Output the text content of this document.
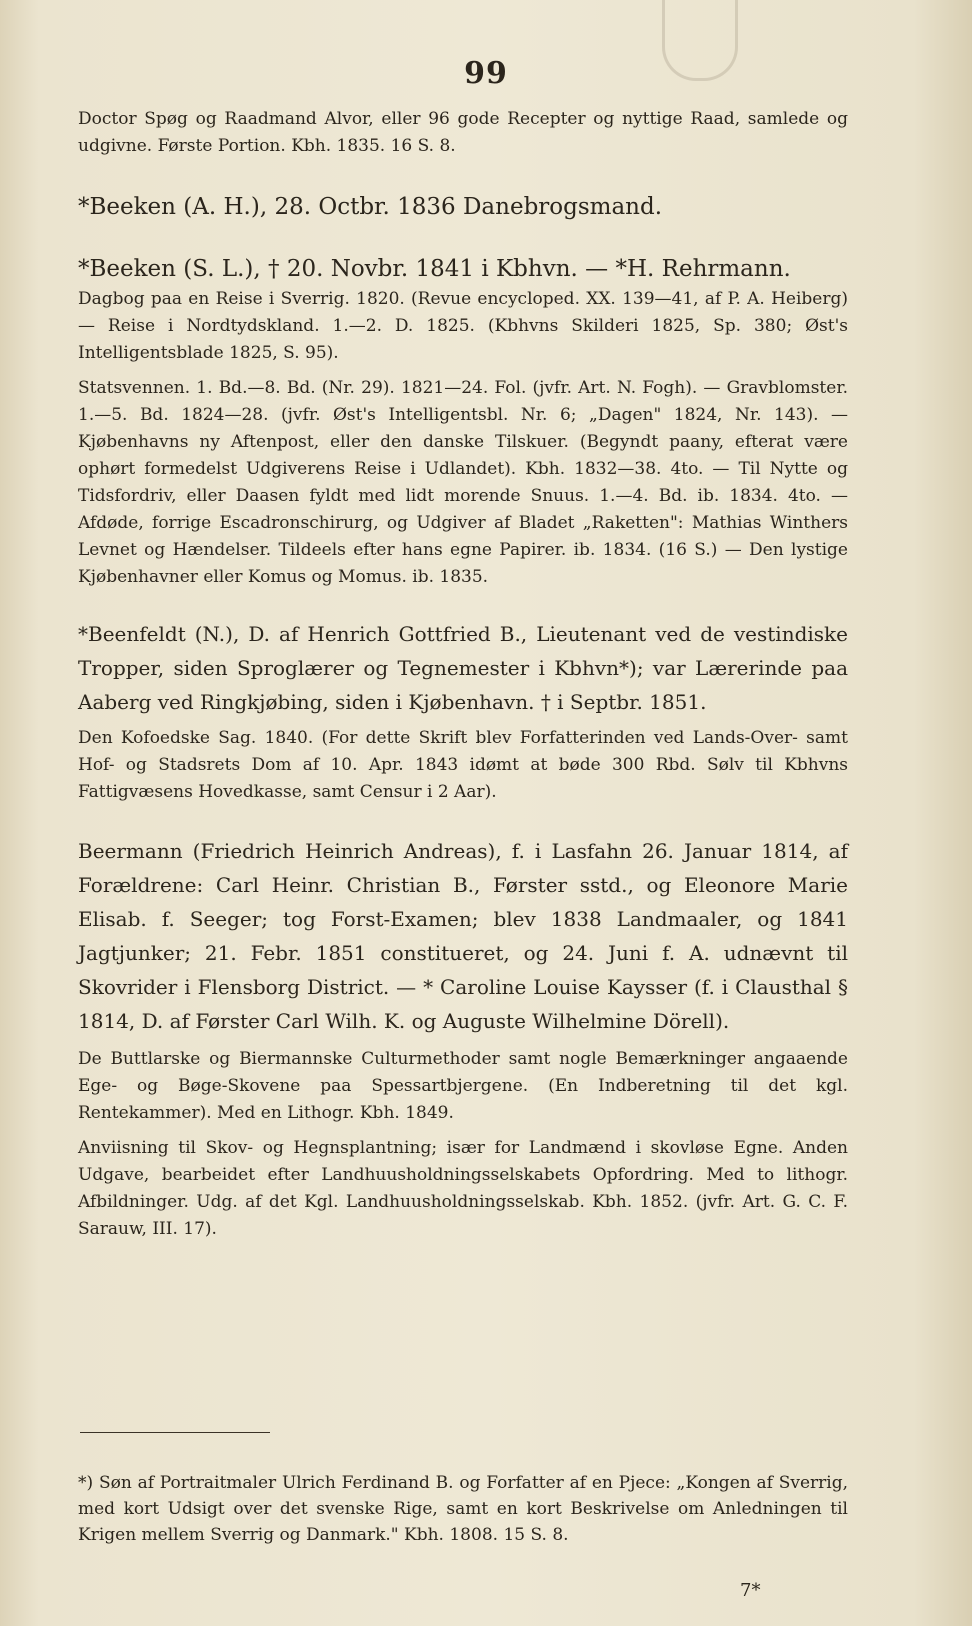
99

Doctor Spøg og Raadmand Alvor, eller 96 gode Recepter og nyttige Raad, samlede og udgivne. Første Portion. Kbh. 1835. 16 S. 8.

*Beeken (A. H.), 28. Octbr. 1836 Danebrogsmand.

*Beeken (S. L.), † 20. Novbr. 1841 i Kbhvn. — *H. Rehrmann.

Dagbog paa en Reise i Sverrig. 1820. (Revue encycloped. XX. 139—41, af P. A. Heiberg) — Reise i Nordtydskland. 1.—2. D. 1825. (Kbhvns Skilderi 1825, Sp. 380; Øst's Intelligentsblade 1825, S. 95).

Statsvennen. 1. Bd.—8. Bd. (Nr. 29). 1821—24. Fol. (jvfr. Art. N. Fogh). — Gravblomster. 1.—5. Bd. 1824—28. (jvfr. Øst's Intelligentsbl. Nr. 6; „Dagen" 1824, Nr. 143). — Kjøbenhavns ny Aftenpost, eller den danske Tilskuer. (Begyndt paany, efterat være ophørt formedelst Udgiverens Reise i Udlandet). Kbh. 1832—38. 4to. — Til Nytte og Tidsfordriv, eller Daasen fyldt med lidt morende Snuus. 1.—4. Bd. ib. 1834. 4to. — Afdøde, forrige Escadronschirurg, og Udgiver af Bladet „Raketten": Mathias Winthers Levnet og Hændelser. Tildeels efter hans egne Papirer. ib. 1834. (16 S.) — Den lystige Kjøbenhavner eller Komus og Momus. ib. 1835.

*Beenfeldt (N.), D. af Henrich Gottfried B., Lieutenant ved de vestindiske Tropper, siden Sproglærer og Tegnemester i Kbhvn*); var Lærerinde paa Aaberg ved Ringkjøbing, siden i Kjøbenhavn. † i Septbr. 1851.

Den Kofoedske Sag. 1840. (For dette Skrift blev Forfatterinden ved Lands-Over- samt Hof- og Stadsrets Dom af 10. Apr. 1843 idømt at bøde 300 Rbd. Sølv til Kbhvns Fattigvæsens Hovedkasse, samt Censur i 2 Aar).

Beermann (Friedrich Heinrich Andreas), f. i Lasfahn 26. Januar 1814, af Forældrene: Carl Heinr. Christian B., Førster sstd., og Eleonore Marie Elisab. f. Seeger; tog Forst-Examen; blev 1838 Landmaaler, og 1841 Jagtjunker; 21. Febr. 1851 constitueret, og 24. Juni f. A. udnævnt til Skovrider i Flensborg District. — * Caroline Louise Kaysser (f. i Clausthal § 1814, D. af Førster Carl Wilh. K. og Auguste Wilhelmine Dörell).

De Buttlarske og Biermannske Culturmethoder samt nogle Bemærkninger angaaende Ege- og Bøge-Skovene paa Spessartbjergene. (En Indberetning til det kgl. Rentekammer). Med en Lithogr. Kbh. 1849.

Anviisning til Skov- og Hegnsplantning; især for Landmænd i skovløse Egne. Anden Udgave, bearbeidet efter Landhuusholdningsselskabets Opfordring. Med to lithogr. Afbildninger. Udg. af det Kgl. Landhuusholdningsselskab. Kbh. 1852. (jvfr. Art. G. C. F. Sarauw, III. 17).

*) Søn af Portraitmaler Ulrich Ferdinand B. og Forfatter af en Pjece: „Kongen af Sverrig, med kort Udsigt over det svenske Rige, samt en kort Beskrivelse om Anledningen til Krigen mellem Sverrig og Danmark." Kbh. 1808. 15 S. 8.

7*
